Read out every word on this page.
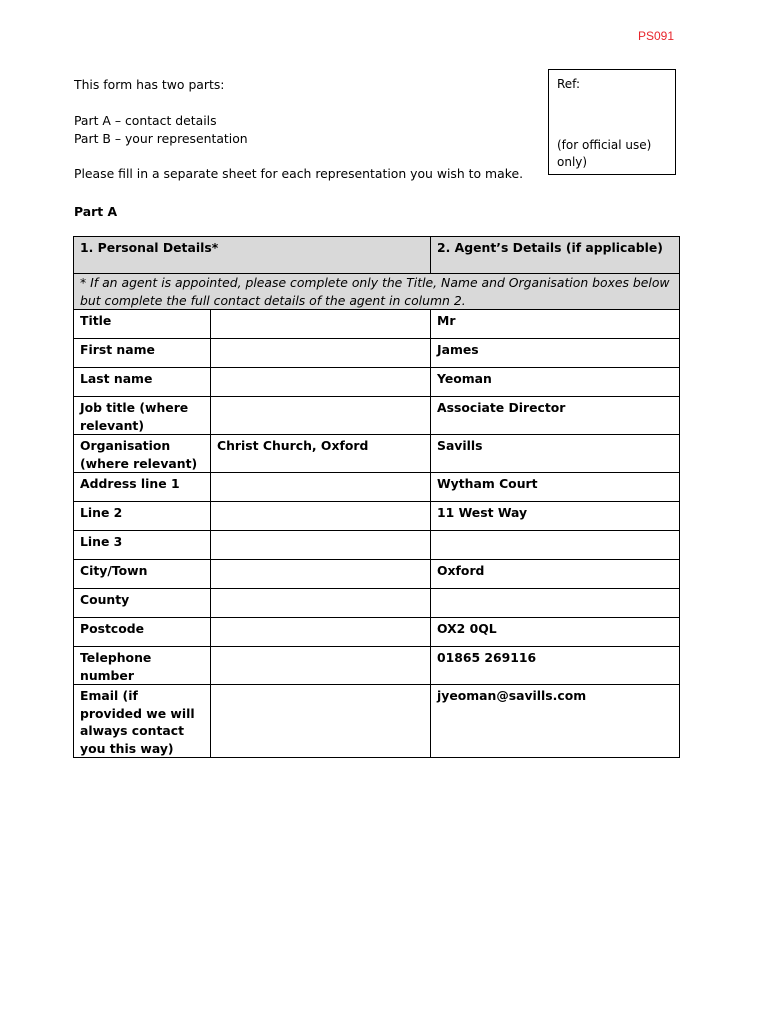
PS091
This form has two parts:
Part A – contact details
Part B – your representation
Please fill in a separate sheet for each representation you wish to make.
Ref:
(for official use) only)
Part A
1. Personal Details*		2. Agent’s Details (if applicable)
* If an agent is appointed, please complete only the Title, Name and Organisation boxes below but complete the full contact details of the agent in column 2.		
Title		Mr
First name		James
Last name		Yeoman
Job title (where relevant)		Associate Director
Organisation (where relevant)	Christ Church, Oxford	Savills
Address line 1		Wytham Court
Line 2		11 West Way
Line 3		
City/Town		Oxford
County		
Postcode		OX2 0QL
Telephone number		01865 269116
Email (if provided we will always contact you this way)		jyeoman@savills.com
